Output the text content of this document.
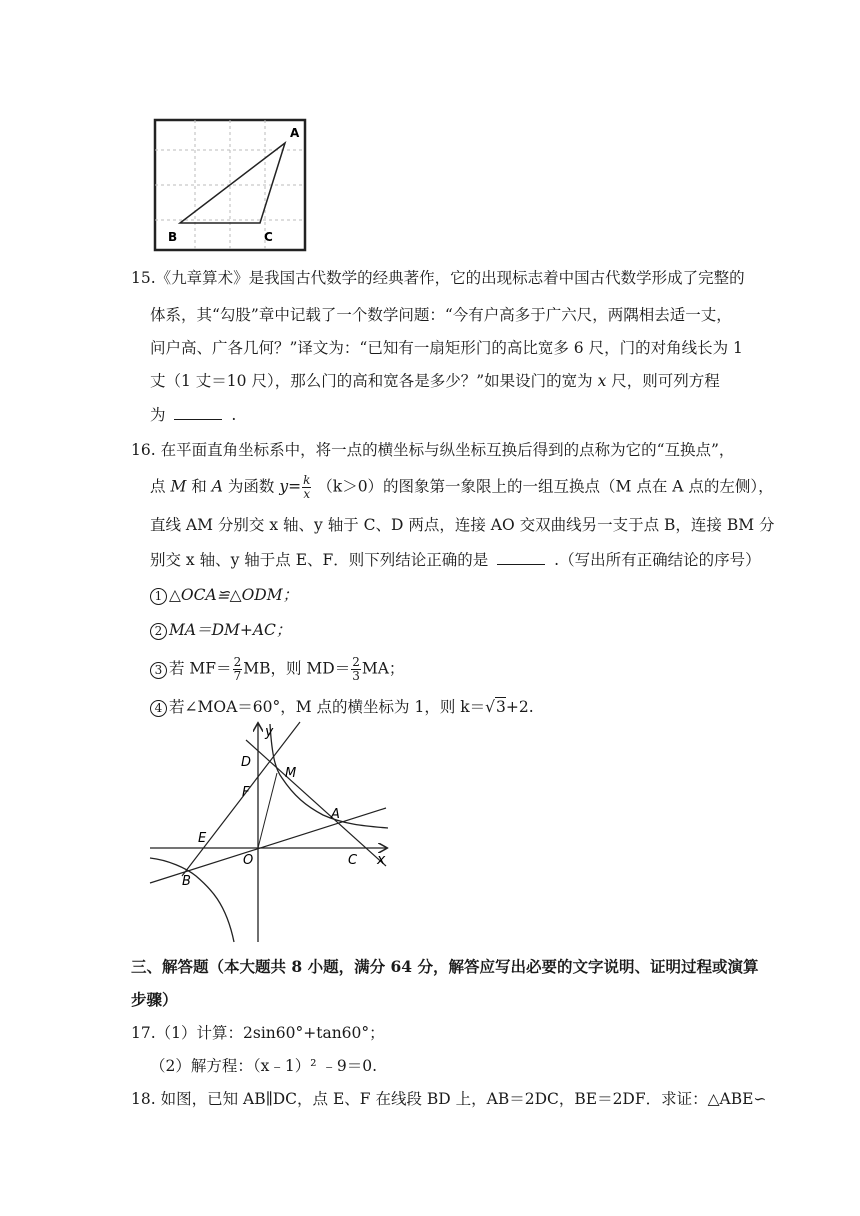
A
B	C
15.《九章算术》是我国古代数学的经典著作，它的出现标志着中国古代数学形成了完整的
体系，其“勾股”章中记载了一个数学问题：“今有户高多于广六尺，两隅相去适一丈，
问户高、广各几何？”译文为：“已知有一扇矩形门的高比宽多 6 尺，门的对角线长为 1
丈（1 丈＝10 尺），那么门的高和宽各是多少？”如果设门的宽为 x 尺，则可列方程
为	.
16. 在平面直角坐标系中，将一点的横坐标与纵坐标互换后得到的点称为它的“互换点”，
点 M 和 A 为函数 $y= \frac{k}{x} (k>0)$的图象第一象限上的一组互换点（M 点在 A 点的左侧），
直线 AM 分别交 x 轴、y 轴于 C、D 两点，连接 AO 交双曲线另一支于点 B，连接 BM 分
别交 x 轴、y 轴于点 E、F．则下列结论正确的是	.（写出所有正确结论的序号）
1 △OCA≌△ODM；
2 MA＝DM+AC；
3 若 $MF= \frac{2}{7}$ MB，则 $MD= \frac{2}{3}$ MA；
4 若∠MOA＝60°，M 点的横坐标为 1，则 k＝√3+2.
y
x
O
D
M
F
A
E
C
B
三、解答题（本大题共 8 小题，满分 64 分，解答应写出必要的文字说明、证明过程或演算
步骤）
17.（1）计算：2sin60°+tan60°；
（2）解方程：（x﹣1）² ﹣9＝0.
18. 如图，已知 AB∥DC，点 E、F 在线段 BD 上，AB＝2DC，BE＝2DF．求证：△ABE∽
